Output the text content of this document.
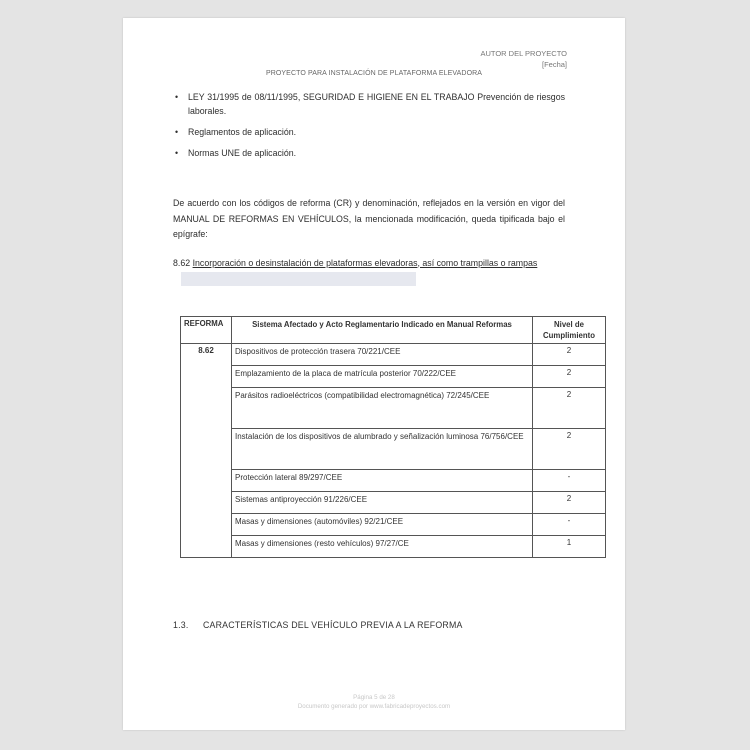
AUTOR DEL PROYECTO
[Fecha]
PROYECTO PARA INSTALACIÓN DE PLATAFORMA ELEVADORA
• LEY 31/1995 de 08/11/1995, SEGURIDAD E HIGIENE EN EL TRABAJO Prevención de riesgos laborales.
• Reglamentos de aplicación.
• Normas UNE de aplicación.
De acuerdo con los códigos de reforma (CR) y denominación, reflejados en la versión en vigor del MANUAL DE REFORMAS EN VEHÍCULOS, la mencionada modificación, queda tipificada bajo el epígrafe:
8.62 Incorporación o desinstalación de plataformas elevadoras, así como trampillas o rampas
REFORMA	Sistema Afectado y Acto Reglamentario Indicado en Manual Reformas	Nivel de Cumplimiento
8.62	Dispositivos de protección trasera 70/221/CEE	2
	Emplazamiento de la placa de matrícula posterior 70/222/CEE	2
	Parásitos radioeléctricos (compatibilidad electromagnética) 72/245/CEE	2
	Instalación de los dispositivos de alumbrado y señalización luminosa 76/756/CEE	2
	Protección lateral 89/297/CEE	-
	Sistemas antiproyección 91/226/CEE	2
	Masas y dimensiones (automóviles) 92/21/CEE	-
	Masas y dimensiones (resto vehículos) 97/27/CE	1
1.3. CARACTERÍSTICAS DEL VEHÍCULO PREVIA A LA REFORMA
Página 5 de 28
Documento generado por www.fabricadeproyectos.com
